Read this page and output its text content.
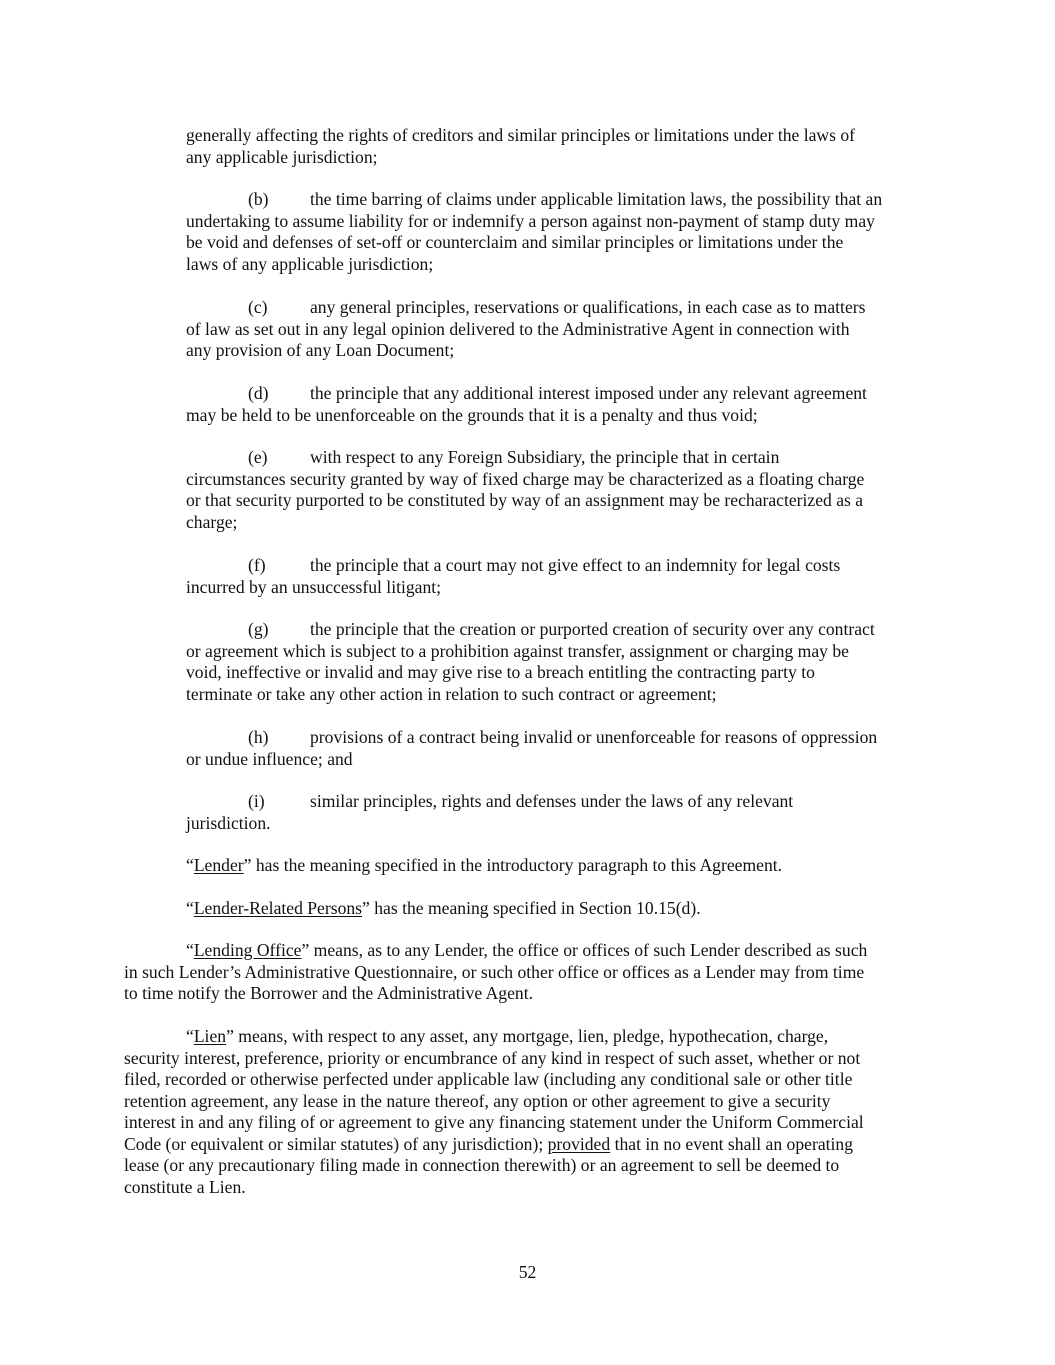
generally affecting the rights of creditors and similar principles or limitations under the laws of
any applicable jurisdiction;

(b) the time barring of claims under applicable limitation laws, the possibility that an
undertaking to assume liability for or indemnify a person against non-payment of stamp duty may
be void and defenses of set-off or counterclaim and similar principles or limitations under the
laws of any applicable jurisdiction;

(c) any general principles, reservations or qualifications, in each case as to matters
of law as set out in any legal opinion delivered to the Administrative Agent in connection with
any provision of any Loan Document;

(d) the principle that any additional interest imposed under any relevant agreement
may be held to be unenforceable on the grounds that it is a penalty and thus void;

(e) with respect to any Foreign Subsidiary, the principle that in certain
circumstances security granted by way of fixed charge may be characterized as a floating charge
or that security purported to be constituted by way of an assignment may be recharacterized as a
charge;

(f)	the principle that a court may not give effect to an indemnity for legal costs
incurred by an unsuccessful litigant;

(g) the principle that the creation or purported creation of security over any contract
or agreement which is subject to a prohibition against transfer, assignment or charging may be
void, ineffective or invalid and may give rise to a breach entitling the contracting party to
terminate or take any other action in relation to such contract or agreement;

(h) provisions of a contract being invalid or unenforceable for reasons of oppression
or undue influence; and

(i)	similar principles, rights and defenses under the laws of any relevant
jurisdiction.

“Lender” has the meaning specified in the introductory paragraph to this Agreement.

“Lender-Related Persons” has the meaning specified in Section 10.15(d).

“Lending Office” means, as to any Lender, the office or offices of such Lender described as such
in such Lender’s Administrative Questionnaire, or such other office or offices as a Lender may from time
to time notify the Borrower and the Administrative Agent.

“Lien” means, with respect to any asset, any mortgage, lien, pledge, hypothecation, charge,
security interest, preference, priority or encumbrance of any kind in respect of such asset, whether or not
filed, recorded or otherwise perfected under applicable law (including any conditional sale or other title
retention agreement, any lease in the nature thereof, any option or other agreement to give a security
interest in and any filing of or agreement to give any financing statement under the Uniform Commercial
Code (or equivalent or similar statutes) of any jurisdiction); provided that in no event shall an operating
lease (or any precautionary filing made in connection therewith) or an agreement to sell be deemed to
constitute a Lien.

52
